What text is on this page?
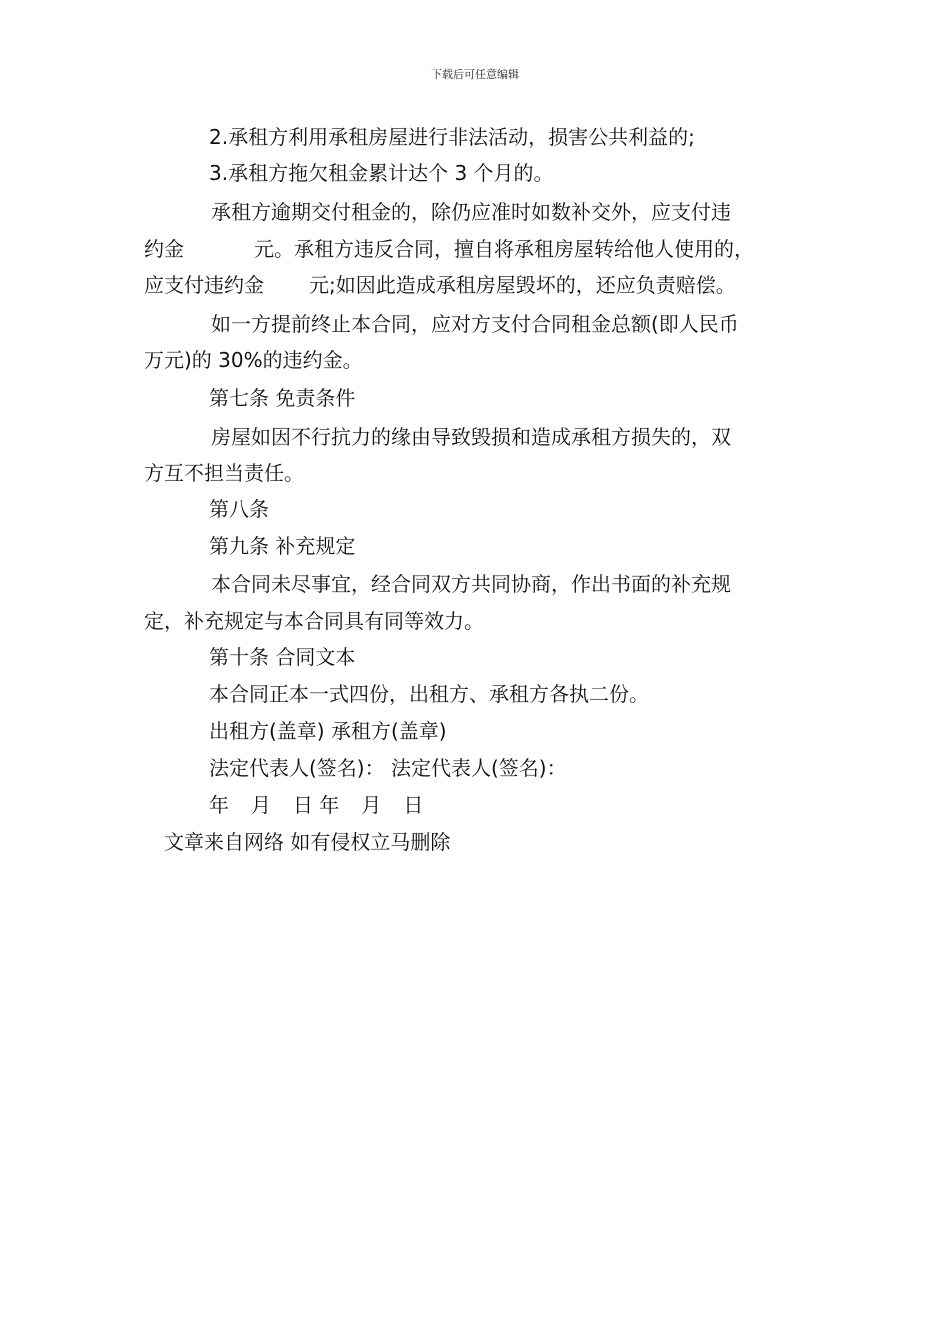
下载后可任意编辑
2.承租方利用承租房屋进行非法活动，损害公共利益的;
3.承租方拖欠租金累计达个 3 个月的。
承租方逾期交付租金的，除仍应准时如数补交外，应支付违
约金	元。承租方违反合同，擅自将承租房屋转给他人使用的，
应支付违约金 元;如因此造成承租房屋毁坏的，还应负责赔偿。
如一方提前终止本合同，应对方支付合同租金总额(即人民币
万元)的 30%的违约金。
第七条 免责条件
房屋如因不行抗力的缘由导致毁损和造成承租方损失的，双
方互不担当责任。
第八条
第九条 补充规定
本合同未尽事宜，经合同双方共同协商，作出书面的补充规
定，补充规定与本合同具有同等效力。
第十条 合同文本
本合同正本一式四份，出租方、承租方各执二份。
出租方(盖章) 承租方(盖章)
法定代表人(签名)： 法定代表人(签名)：
年 月 日 年 月 日
文章来自网络 如有侵权立马删除
